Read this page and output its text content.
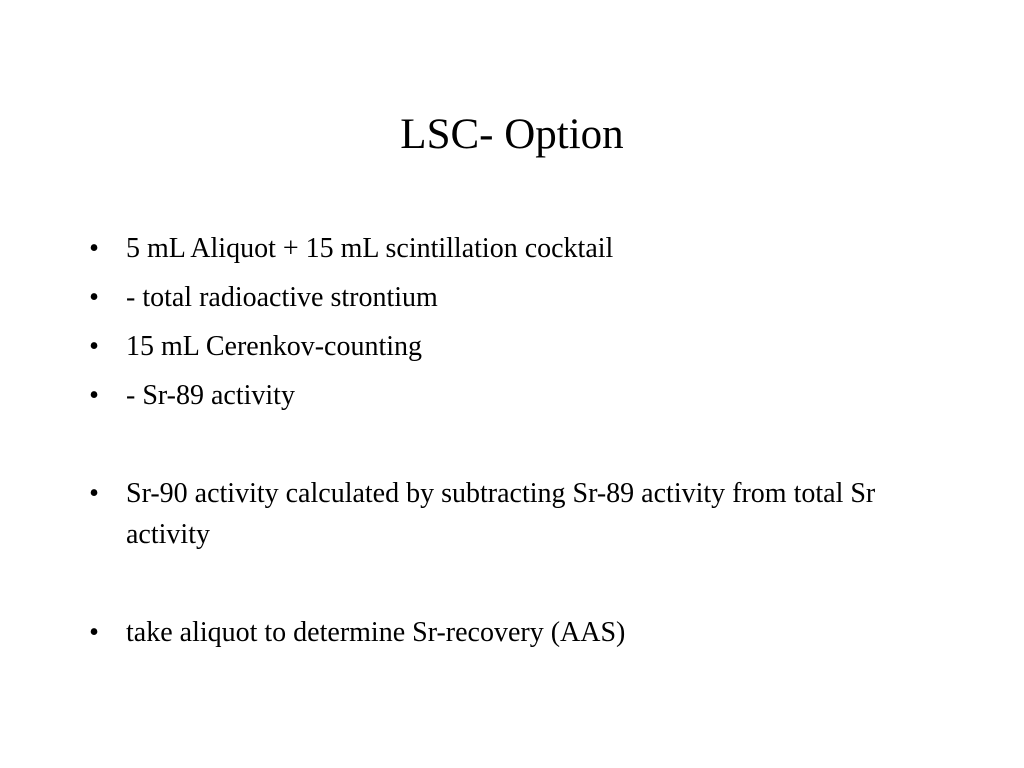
LSC- Option
• 5 mL Aliquot + 15 mL scintillation cocktail
• - total radioactive strontium
• 15 mL Cerenkov-counting
• - Sr-89 activity
• Sr-90 activity calculated by subtracting Sr-89 activity from total Sr activity
• take aliquot to determine Sr-recovery (AAS)
